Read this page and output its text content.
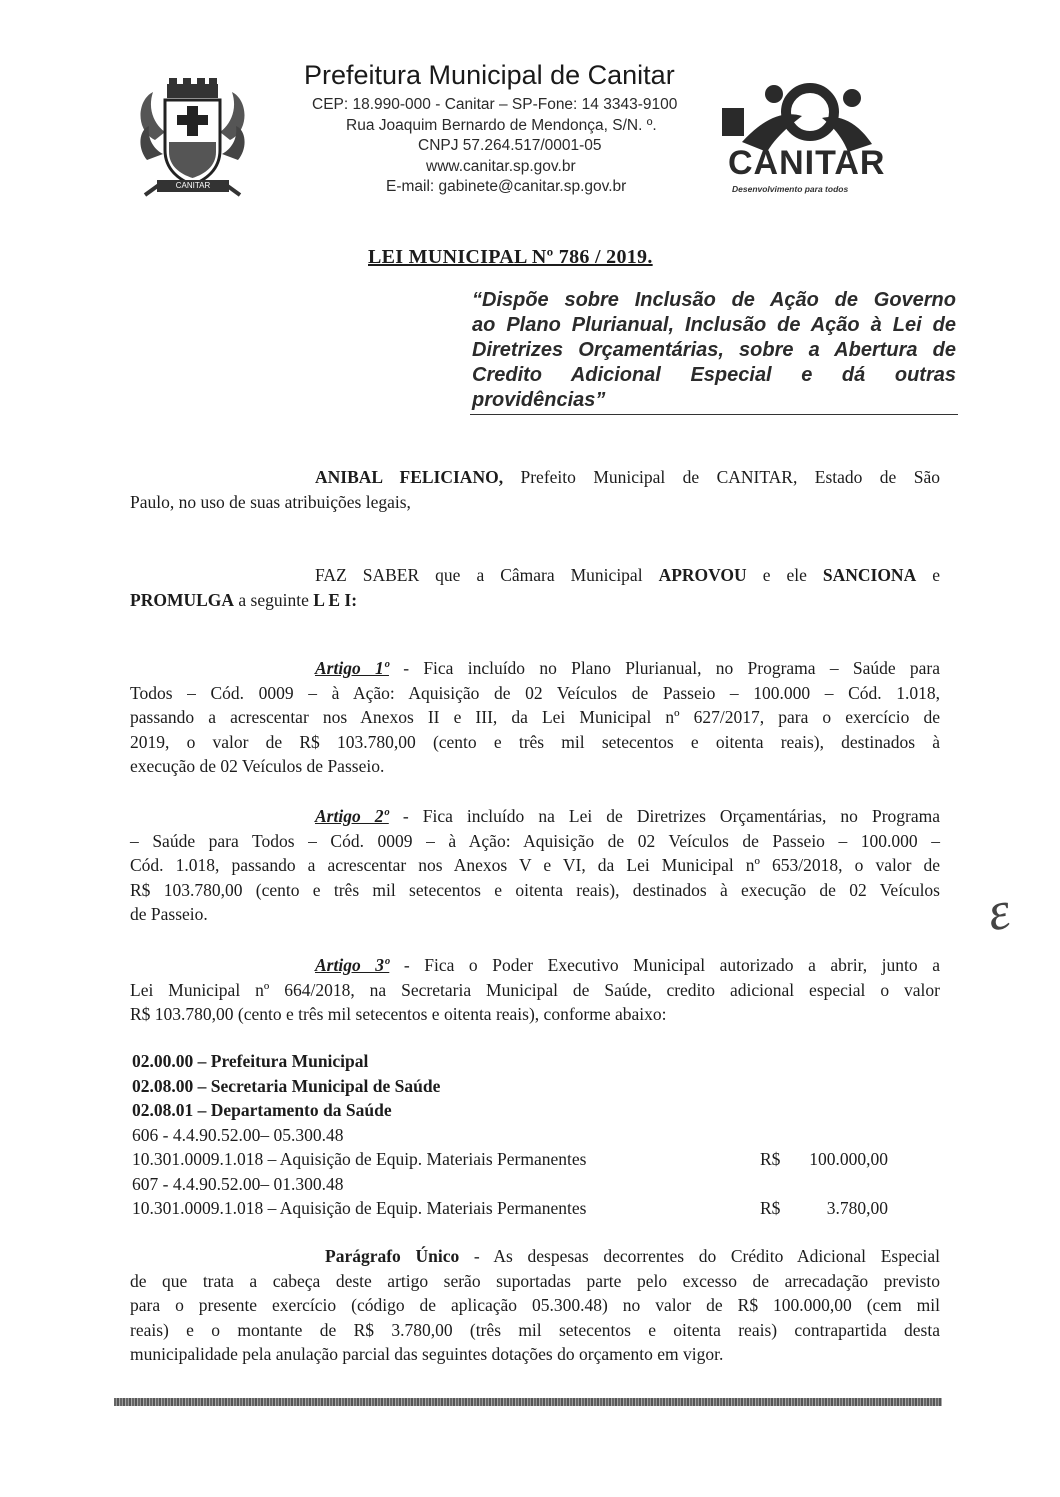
CANITAR
Prefeitura Municipal de Canitar
CEP: 18.990-000 - Canitar – SP-Fone: 14 3343-9100
Rua Joaquim Bernardo de Mendonça, S/N. º.
CNPJ 57.264.517/0001-05
www.canitar.sp.gov.br
E-mail: gabinete@canitar.sp.gov.br
CANITAR
Desenvolvimento para todos
LEI MUNICIPAL Nº 786 / 2019.
“Dispõe sobre Inclusão de Ação de Governo
ao Plano Plurianual, Inclusão de Ação à Lei de
Diretrizes Orçamentárias, sobre a Abertura de
Credito Adicional Especial e dá outras
providências”
ANIBAL FELICIANO, Prefeito Municipal de CANITAR, Estado de São
Paulo, no uso de suas atribuições legais,
FAZ SABER que a Câmara Municipal APROVOU e ele SANCIONA e
PROMULGA a seguinte L E I:
Artigo 1º - Fica incluído no Plano Plurianual, no Programa – Saúde para
Todos – Cód. 0009 – à Ação: Aquisição de 02 Veículos de Passeio – 100.000 – Cód. 1.018,
passando a acrescentar nos Anexos II e III, da Lei Municipal nº 627/2017, para o exercício de
2019, o valor de R$ 103.780,00 (cento e três mil setecentos e oitenta reais), destinados à
execução de 02 Veículos de Passeio.
Artigo 2º - Fica incluído na Lei de Diretrizes Orçamentárias, no Programa
– Saúde para Todos – Cód. 0009 – à Ação: Aquisição de 02 Veículos de Passeio – 100.000 –
Cód. 1.018, passando a acrescentar nos Anexos V e VI, da Lei Municipal nº 653/2018, o valor de
R$ 103.780,00 (cento e três mil setecentos e oitenta reais), destinados à execução de 02 Veículos
de Passeio.	ε
Artigo 3º - Fica o Poder Executivo Municipal autorizado a abrir, junto a
Lei Municipal nº 664/2018, na Secretaria Municipal de Saúde, credito adicional especial o valor
R$ 103.780,00 (cento e três mil setecentos e oitenta reais), conforme abaixo:
02.00.00 – Prefeitura Municipal
02.08.00 – Secretaria Municipal de Saúde
02.08.01 – Departamento da Saúde
606 - 4.4.90.52.00– 05.300.48
10.301.0009.1.018 – Aquisição de Equip. Materiais Permanentes	R$ 100.000,00
607 - 4.4.90.52.00– 01.300.48
10.301.0009.1.018 – Aquisição de Equip. Materiais Permanentes	R$	3.780,00
Parágrafo Único - As despesas decorrentes do Crédito Adicional Especial
de que trata a cabeça deste artigo serão suportadas parte pelo excesso de arrecadação previsto
para o presente exercício (código de aplicação 05.300.48) no valor de R$ 100.000,00 (cem mil
reais) e o montante de R$ 3.780,00 (três mil setecentos e oitenta reais) contrapartida desta
municipalidade pela anulação parcial das seguintes dotações do orçamento em vigor.
